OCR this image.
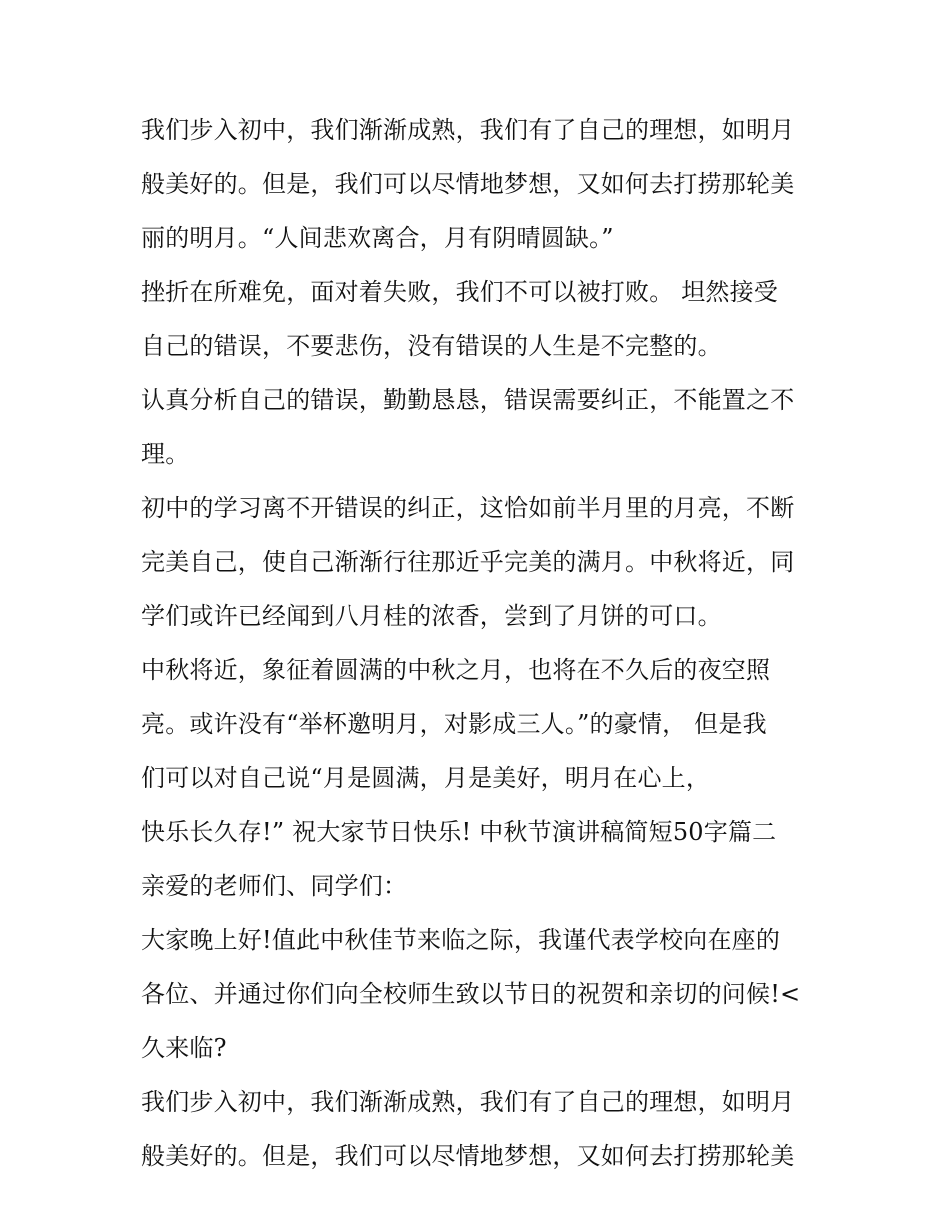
我们步入初中，我们渐渐成熟，我们有了自己的理想，如明月
般美好的。但是，我们可以尽情地梦想，又如何去打捞那轮美
丽的明月。“人间悲欢离合，月有阴晴圆缺。”
挫折在所难免，面对着失败，我们不可以被打败。 坦然接受
自己的错误，不要悲伤，没有错误的人生是不完整的。
认真分析自己的错误，勤勤恳恳，错误需要纠正，不能置之不
理。
初中的学习离不开错误的纠正，这恰如前半月里的月亮，不断
完美自己，使自己渐渐行往那近乎完美的满月。中秋将近，同
学们或许已经闻到八月桂的浓香，尝到了月饼的可口。
中秋将近，象征着圆满的中秋之月，也将在不久后的夜空照
亮。或许没有“举杯邀明月，对影成三人。”的豪情， 但是我
们可以对自己说“月是圆满，月是美好，明月在心上，
快乐长久存!” 祝大家节日快乐! 中秋节演讲稿简短50字篇二
亲爱的老师们、同学们：
大家晚上好!值此中秋佳节来临之际，我谨代表学校向在座的
各位、并通过你们向全校师生致以节日的祝贺和亲切的问候!<
久来临?
我们步入初中，我们渐渐成熟，我们有了自己的理想，如明月
般美好的。但是，我们可以尽情地梦想，又如何去打捞那轮美
